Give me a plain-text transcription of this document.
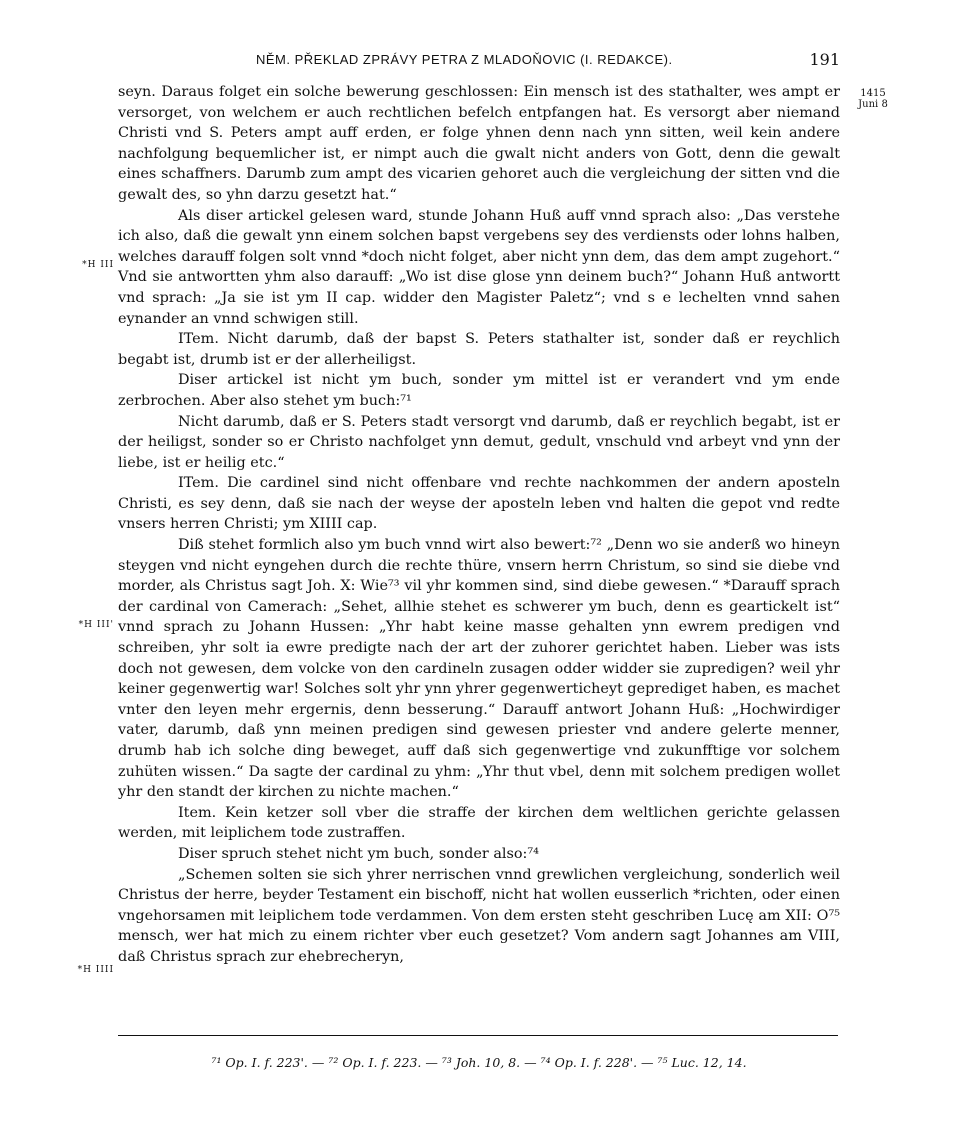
NĚM. PŘEKLAD ZPRÁVY PETRA Z MLADOŇOVIC (I. REDAKCE).	191
1415
Juni 8
*H III
*H III'
*H IIII

seyn. Daraus folget ein solche bewerung geschlossen: Ein mensch ist des stathalter, wes ampt er versorget, von welchem er auch rechtlichen befelch entpfangen hat. Es versorgt aber niemand Christi vnd S. Peters ampt auff erden, er folge yhnen denn nach ynn sitten, weil kein andere nachfolgung bequemlicher ist, er nimpt auch die gwalt nicht anders von Gott, denn die gewalt eines schaffners. Darumb zum ampt des vicarien gehoret auch die vergleichung der sitten vnd die gewalt des, so yhn darzu gesetzt hat.“

Als diser artickel gelesen ward, stunde Johann Huß auff vnnd sprach also: „Das verstehe ich also, daß die gewalt ynn einem solchen bapst vergebens sey des verdiensts oder lohns halben, welches darauff folgen solt vnnd *doch nicht folget, aber nicht ynn dem, das dem ampt zugehort.“ Vnd sie antwortten yhm also darauff: „Wo ist dise glose ynn deinem buch?“ Johann Huß antwortt vnd sprach: „Ja sie ist ym II cap. widder den Magister Paletz“; vnd s e lechelten vnnd sahen eynander an vnnd schwigen still.

ITem. Nicht darumb, daß der bapst S. Peters stathalter ist, sonder daß er reychlich begabt ist, drumb ist er der allerheiligst.

Diser artickel ist nicht ym buch, sonder ym mittel ist er verandert vnd ym ende zerbrochen. Aber also stehet ym buch:⁷¹

Nicht darumb, daß er S. Peters stadt versorgt vnd darumb, daß er reychlich begabt, ist er der heiligst, sonder so er Christo nachfolget ynn demut, gedult, vnschuld vnd arbeyt vnd ynn der liebe, ist er heilig etc.“

ITem. Die cardinel sind nicht offenbare vnd rechte nachkommen der andern aposteln Christi, es sey denn, daß sie nach der weyse der aposteln leben vnd halten die gepot vnd redte vnsers herren Christi; ym XIIII cap.

Diß stehet formlich also ym buch vnnd wirt also bewert:⁷² „Denn wo sie anderß wo hineyn steygen vnd nicht eyngehen durch die rechte thüre, vnsern herrn Christum, so sind sie diebe vnd morder, als Christus sagt Joh. X: Wie⁷³ vil yhr kommen sind, sind diebe gewesen.“ *Darauff sprach der cardinal von Camerach: „Sehet, allhie stehet es schwerer ym buch, denn es geartickelt ist“ vnnd sprach zu Johann Hussen: „Yhr habt keine masse gehalten ynn ewrem predigen vnd schreiben, yhr solt ia ewre predigte nach der art der zuhorer gerichtet haben. Lieber was ists doch not gewesen, dem volcke von den cardineln zusagen odder widder sie zupredigen? weil yhr keiner gegenwertig war! Solches solt yhr ynn yhrer gegenwerticheyt geprediget haben, es machet vnter den leyen mehr ergernis, denn besserung.“ Darauff antwort Johann Huß: „Hochwirdiger vater, darumb, daß ynn meinen predigen sind gewesen priester vnd andere gelerte menner, drumb hab ich solche ding beweget, auff daß sich gegenwertige vnd zukunfftige vor solchem zuhüten wissen.“ Da sagte der cardinal zu yhm: „Yhr thut vbel, denn mit solchem predigen wollet yhr den standt der kirchen zu nichte machen.“

Item. Kein ketzer soll vber die straffe der kirchen dem weltlichen gerichte gelassen werden, mit leiplichem tode zustraffen.

Diser spruch stehet nicht ym buch, sonder also:⁷⁴

„Schemen solten sie sich yhrer nerrischen vnnd grewlichen vergleichung, sonderlich weil Christus der herre, beyder Testament ein bischoff, nicht hat wollen eusserlich *richten, oder einen vngehorsamen mit leiplichem tode verdammen. Von dem ersten steht geschriben Lucę am XII: O⁷⁵ mensch, wer hat mich zu einem richter vber euch gesetzet? Vom andern sagt Johannes am VIII, daß Christus sprach zur ehebrecheryn,

⁷¹ Op. I. f. 223'. — ⁷² Op. I. f. 223. — ⁷³ Joh. 10, 8. — ⁷⁴ Op. I. f. 228'. — ⁷⁵ Luc. 12, 14.
